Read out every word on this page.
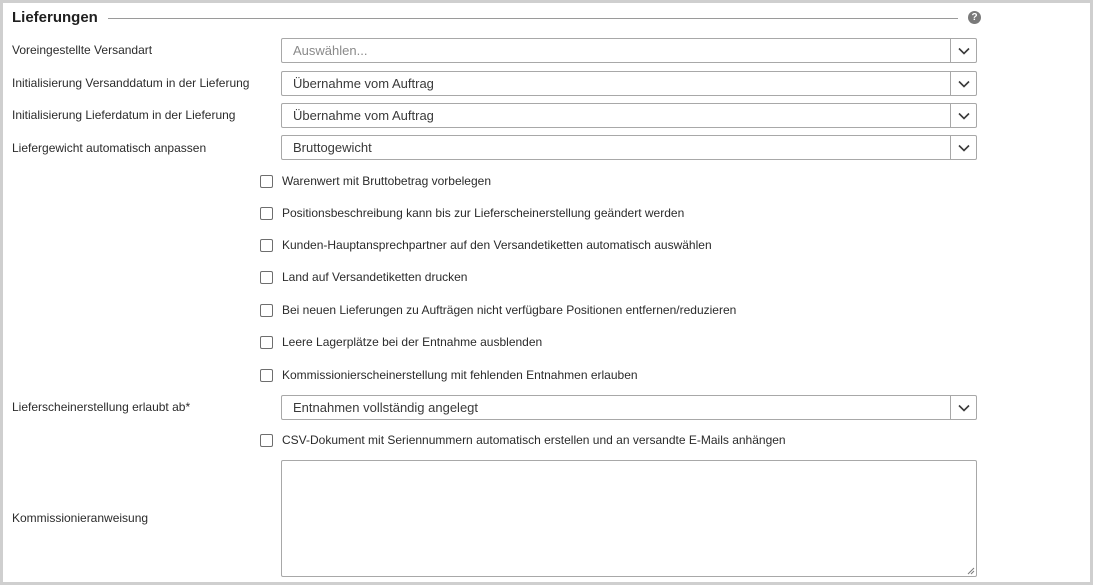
Lieferungen	?
Voreingestellte Versandart	Auswählen...
Initialisierung Versanddatum in der Lieferung	Übernahme vom Auftrag
Initialisierung Lieferdatum in der Lieferung	Übernahme vom Auftrag
Liefergewicht automatisch anpassen	Bruttogewicht
Warenwert mit Bruttobetrag vorbelegen
Positionsbeschreibung kann bis zur Lieferscheinerstellung geändert werden
Kunden-Hauptansprechpartner auf den Versandetiketten automatisch auswählen
Land auf Versandetiketten drucken
Bei neuen Lieferungen zu Aufträgen nicht verfügbare Positionen entfernen/reduzieren
Leere Lagerplätze bei der Entnahme ausblenden
Kommissionierscheinerstellung mit fehlenden Entnahmen erlauben
Lieferscheinerstellung erlaubt ab*	Entnahmen vollständig angelegt
CSV-Dokument mit Seriennummern automatisch erstellen und an versandte E-Mails anhängen
Kommissionieranweisung
